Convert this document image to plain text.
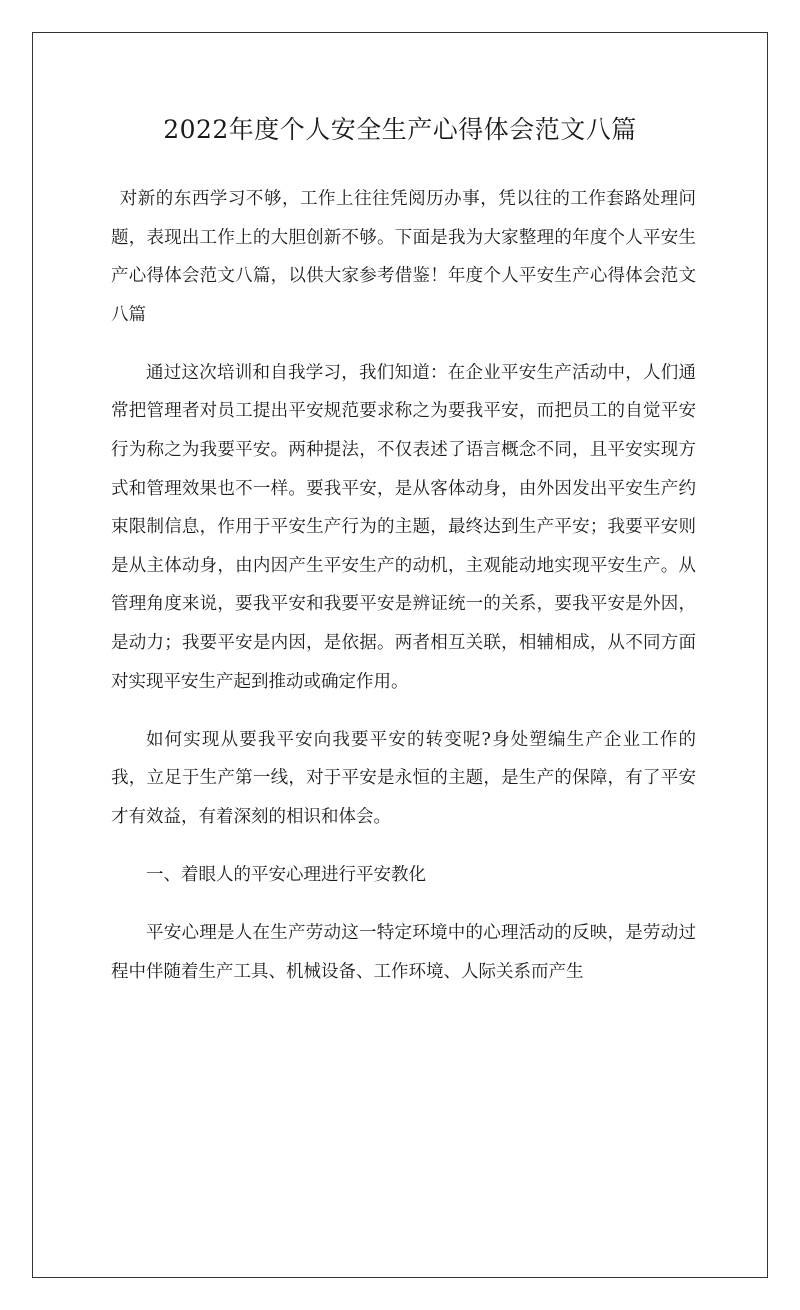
2022年度个人安全生产心得体会范文八篇

对新的东西学习不够，工作上往往凭阅历办事，凭以往的工作套路处理问题，表现出工作上的大胆创新不够。下面是我为大家整理的年度个人平安生产心得体会范文八篇，以供大家参考借鉴！年度个人平安生产心得体会范文八篇

通过这次培训和自我学习，我们知道：在企业平安生产活动中，人们通常把管理者对员工提出平安规范要求称之为要我平安，而把员工的自觉平安行为称之为我要平安。两种提法，不仅表述了语言概念不同，且平安实现方式和管理效果也不一样。要我平安，是从客体动身，由外因发出平安生产约束限制信息，作用于平安生产行为的主题，最终达到生产平安；我要平安则是从主体动身，由内因产生平安生产的动机，主观能动地实现平安生产。从管理角度来说，要我平安和我要平安是辨证统一的关系，要我平安是外因，是动力；我要平安是内因，是依据。两者相互关联，相辅相成，从不同方面对实现平安生产起到推动或确定作用。

如何实现从要我平安向我要平安的转变呢?身处塑编生产企业工作的我，立足于生产第一线，对于平安是永恒的主题，是生产的保障，有了平安才有效益，有着深刻的相识和体会。

一、着眼人的平安心理进行平安教化

平安心理是人在生产劳动这一特定环境中的心理活动的反映，是劳动过程中伴随着生产工具、机械设备、工作环境、人际关系而产生
